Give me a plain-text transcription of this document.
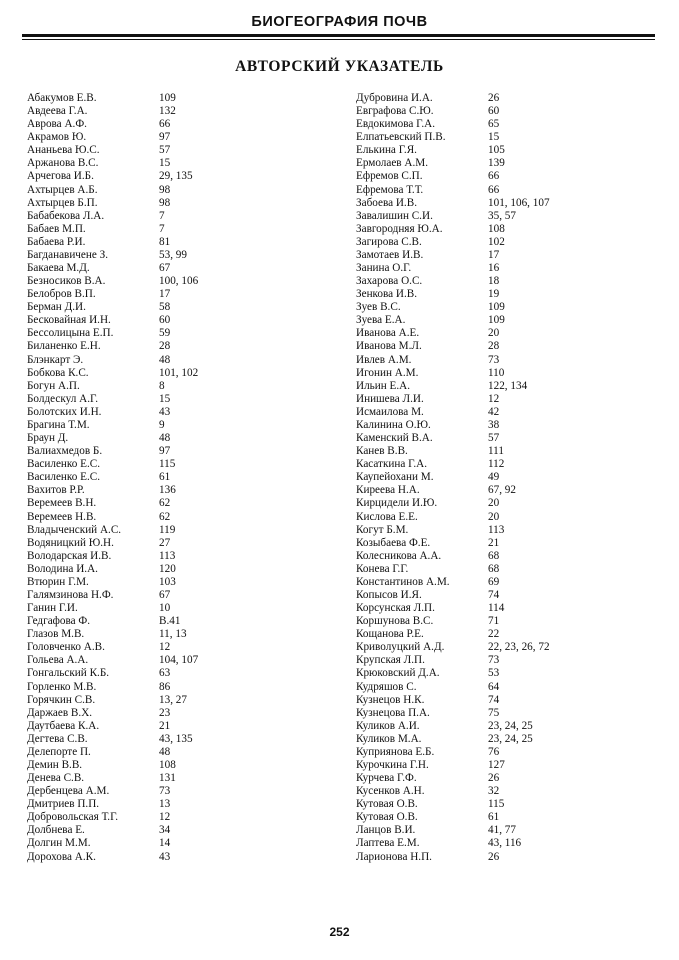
БИОГЕОГРАФИЯ ПОЧВ
АВТОРСКИЙ УКАЗАТЕЛЬ
Абакумов Е.В.	109
Авдеева Г.А.	132
Аврова А.Ф.	66
Акрамов Ю.	97
Ананьева Ю.С.	57
Аржанова В.С.	15
Арчегова И.Б.	29, 135
Ахтырцев А.Б.	98
Ахтырцев Б.П.	98
Бабабекова Л.А.	7
Бабаев М.П.	7
Бабаева Р.И.	81
Багданавичене З.	53, 99
Бакаева М.Д.	67
Безносиков В.А.	100, 106
Белобров В.П.	17
Берман Д.И.	58
Бесковайная И.Н.	60
Бессолицына Е.П.	59
Биланенко Е.Н.	28
Блэнкарт Э.	48
Бобкова К.С.	101, 102
Богун А.П.	8
Болдескул А.Г.	15
Болотских И.Н.	43
Брагина Т.М.	9
Браун Д.	48
Валиахмедов Б.	97
Василенко Е.С.	115
Василенко Е.С.	61
Вахитов Р.Р.	136
Веремеев В.Н.	62
Веремеев Н.В.	62
Владыченский А.С.	119
Водяницкий Ю.Н.	27
Володарская И.В.	113
Володина И.А.	120
Втюрин Г.М.	103
Галямзинова Н.Ф.	67
Ганин Г.И.	10
Гедгафова Ф.	В.41
Глазов М.В.	11, 13
Головченко А.В.	12
Гольева А.А.	104, 107
Гонгальский К.Б.	63
Горленко М.В.	86
Горячкин С.В.	13, 27
Даржаев В.Х.	23
Даутбаева К.А.	21
Дегтева С.В.	43, 135
Делепорте П.	48
Демин В.В.	108
Денева С.В.	131
Дербенцева А.М.	73
Дмитриев П.П.	13
Добровольская Т.Г.	12
Долбнева Е.	34
Долгин М.М.	14
Дорохова А.К.	43
Дубровина И.А.	26
Евграфова С.Ю.	60
Евдокимова Г.А.	65
Елпатьевский П.В.	15
Елькина Г.Я.	105
Ермолаев А.М.	139
Ефремов С.П.	66
Ефремова Т.Т.	66
Забоева И.В.	101, 106, 107
Завалишин С.И.	35, 57
Завгородняя Ю.А.	108
Загирова С.В.	102
Замотаев И.В.	17
Занина О.Г.	16
Захарова О.С.	18
Зенкова И.В.	19
Зуев В.С.	109
Зуева Е.А.	109
Иванова А.Е.	20
Иванова М.Л.	28
Ивлев А.М.	73
Игонин А.М.	110
Ильин Е.А.	122, 134
Инишева Л.И.	12
Исмаилова М.	42
Калинина О.Ю.	38
Каменский В.А.	57
Канев В.В.	111
Касаткина Г.А.	112
Каупейохани М.	49
Киреева Н.А.	67, 92
Кирцидели И.Ю.	20
Кислова Е.Е.	20
Когут Б.М.	113
Козыбаева Ф.Е.	21
Колесникова А.А.	68
Конева Г.Г.	68
Константинов А.М.	69
Копысов И.Я.	74
Корсунская Л.П.	114
Коршунова В.С.	71
Кощанова Р.Е.	22
Криволуцкий А.Д.	22, 23, 26, 72
Крупская Л.П.	73
Крюковский Д.А.	53
Кудряшов С.	64
Кузнецов Н.К.	74
Кузнецова П.А.	75
Куликов А.И.	23, 24, 25
Куликов М.А.	23, 24, 25
Куприянова Е.Б.	76
Курочкина Г.Н.	127
Курчева Г.Ф.	26
Кусенков А.Н.	32
Кутовая О.В.	115
Кутовая О.В.	61
Ланцов В.И.	41, 77
Лаптева Е.М.	43, 116
Ларионова Н.П.	26
252
